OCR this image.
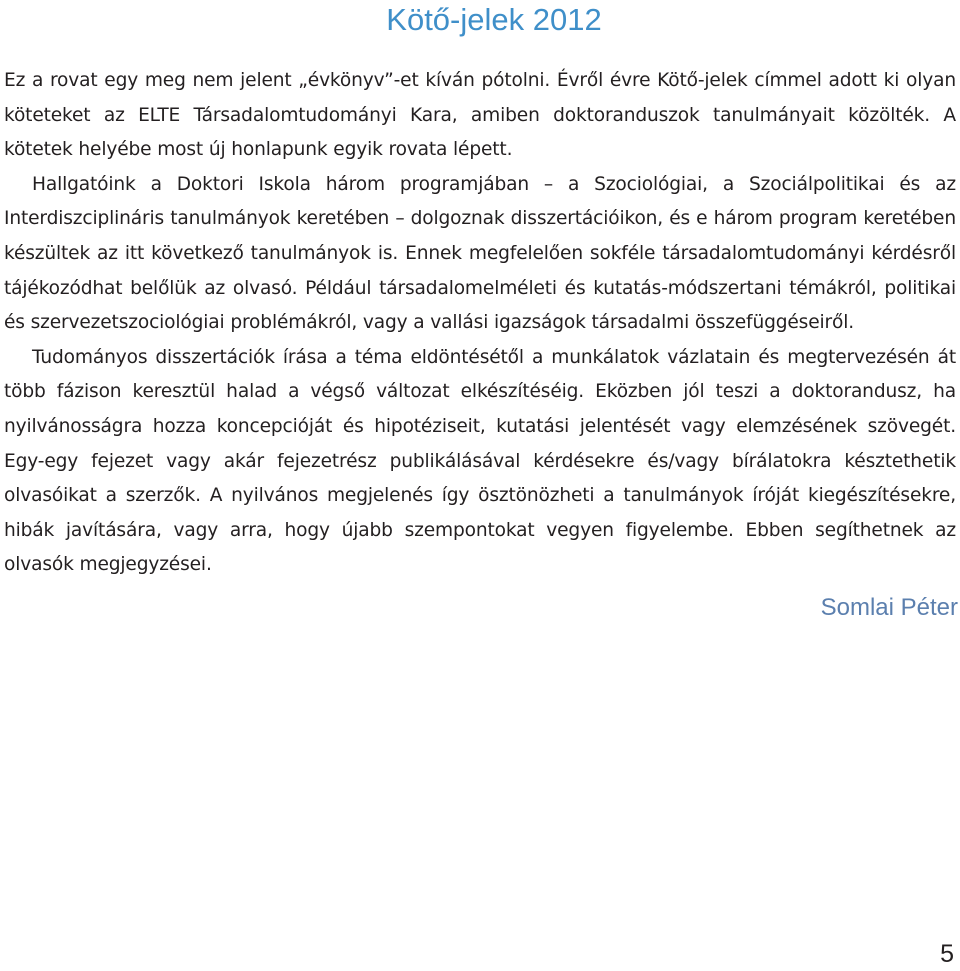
Kötő-jelek 2012

Ez a rovat egy meg nem jelent „évkönyv”-et kíván pótolni. Évről évre Kötő-jelek címmel adott ki olyan köteteket az ELTE Társadalomtudományi Kara, amiben doktoranduszok tanulmányait közölték. A kötetek helyébe most új honlapunk egyik rovata lépett.

Hallgatóink a Doktori Iskola három programjában – a Szociológiai, a Szociálpolitikai és az Interdiszciplináris tanulmányok keretében – dolgoznak disszertációikon, és e három program keretében készültek az itt következő tanulmányok is. Ennek megfelelően sokféle társadalomtudományi kérdésről tájékozódhat belőlük az olvasó. Például társadalomelméleti és kutatás-módszertani témákról, politikai és szervezetszociológiai problémákról, vagy a vallási igazságok társadalmi összefüggéseiről.

Tudományos disszertációk írása a téma eldöntésétől a munkálatok vázlatain és megtervezésén át több fázison keresztül halad a végső változat elkészítéséig. Eközben jól teszi a doktorandusz, ha nyilvánosságra hozza koncepcióját és hipotéziseit, kutatási jelentését vagy elemzésének szövegét. Egy-egy fejezet vagy akár fejezetrész publikálásával kérdésekre és/vagy bírálatokra késztethetik olvasóikat a szerzők. A nyilvános megjelenés így ösztönözheti a tanulmányok íróját kiegészítésekre, hibák javítására, vagy arra, hogy újabb szempontokat vegyen figyelembe. Ebben segíthetnek az olvasók megjegyzései.

Somlai Péter

5
